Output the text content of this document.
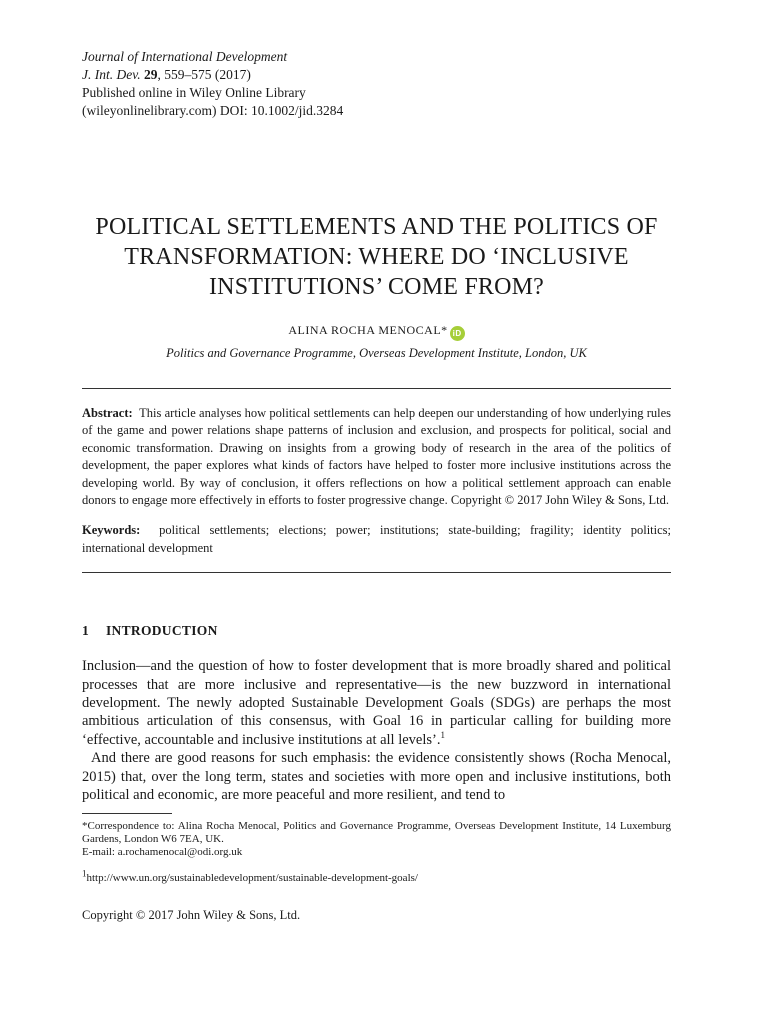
Journal of International Development
J. Int. Dev. 29, 559–575 (2017)
Published online in Wiley Online Library
(wileyonlinelibrary.com) DOI: 10.1002/jid.3284
POLITICAL SETTLEMENTS AND THE POLITICS OF TRANSFORMATION: WHERE DO ‘INCLUSIVE INSTITUTIONS’ COME FROM?
ALINA ROCHA MENOCAL* iD
Politics and Governance Programme, Overseas Development Institute, London, UK
Abstract: This article analyses how political settlements can help deepen our understanding of how underlying rules of the game and power relations shape patterns of inclusion and exclusion, and prospects for political, social and economic transformation. Drawing on insights from a growing body of research in the area of the politics of development, the paper explores what kinds of factors have helped to foster more inclusive institutions across the developing world. By way of conclusion, it offers reflections on how a political settlement approach can enable donors to engage more effectively in efforts to foster progressive change. Copyright © 2017 John Wiley & Sons, Ltd.
Keywords: political settlements; elections; power; institutions; state-building; fragility; identity politics; international development
1 INTRODUCTION

Inclusion—and the question of how to foster development that is more broadly shared and political processes that are more inclusive and representative—is the new buzzword in international development. The newly adopted Sustainable Development Goals (SDGs) are perhaps the most ambitious articulation of this consensus, with Goal 16 in particular calling for building more ‘effective, accountable and inclusive institutions at all levels’.$^1$

And there are good reasons for such emphasis: the evidence consistently shows (Rocha Menocal, 2015) that, over the long term, states and societies with more open and inclusive institutions, both political and economic, are more peaceful and more resilient, and tend to

*Correspondence to: Alina Rocha Menocal, Politics and Governance Programme, Overseas Development Institute, 14 Luxemburg Gardens, London W6 7EA, UK.
E-mail: a.rochamenocal@odi.org.uk
$^1$http://www.un.org/sustainabledevelopment/sustainable-development-goals/
Copyright © 2017 John Wiley & Sons, Ltd.
